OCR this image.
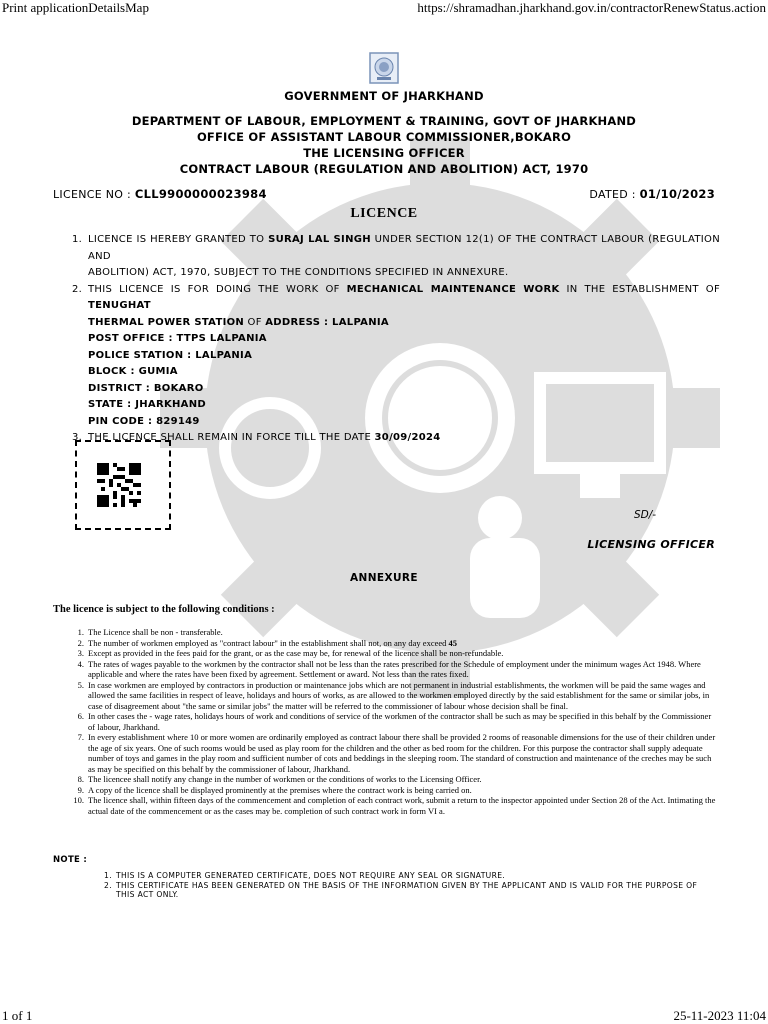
Print applicationDetailsMap	https://shramadhan.jharkhand.gov.in/contractorRenewStatus.action
GOVERNMENT OF JHARKHAND
DEPARTMENT OF LABOUR, EMPLOYMENT & TRAINING, GOVT OF JHARKHAND
OFFICE OF ASSISTANT LABOUR COMMISSIONER,BOKARO
THE LICENSING OFFICER
CONTRACT LABOUR (REGULATION AND ABOLITION) ACT, 1970
LICENCE NO : CLL9900000023984	DATED : 01/10/2023
LICENCE
1. LICENCE IS HEREBY GRANTED TO SURAJ LAL SINGH UNDER SECTION 12(1) OF THE CONTRACT LABOUR (REGULATION AND
ABOLITION) ACT, 1970, SUBJECT TO THE CONDITIONS SPECIFIED IN ANNEXURE.
2. THIS LICENCE IS FOR DOING THE WORK OF MECHANICAL MAINTENANCE WORK IN THE ESTABLISHMENT OF TENUGHAT
THERMAL POWER STATION OF ADDRESS : LALPANIA
POST OFFICE : TTPS LALPANIA
POLICE STATION : LALPANIA
BLOCK : GUMIA
DISTRICT : BOKARO
STATE : JHARKHAND
PIN CODE : 829149
3. THE LICENCE SHALL REMAIN IN FORCE TILL THE DATE 30/09/2024
SD/-
LICENSING OFFICER
ANNEXURE
The licence is subject to the following conditions :
1. The Licence shall be non - transferable.
2. The number of workmen employed as "contract labour" in the establishment shall not, on any day exceed 45
3. Except as provided in the fees paid for the grant, or as the case may be, for renewal of the licence shall be non-refundable.
4. The rates of wages payable to the workmen by the contractor shall not be less than the rates prescribed for the Schedule of employment under the minimum wages Act 1948. Where applicable and where the rates have been fixed by agreement. Settlement or award. Not less than the rates fixed.
5. In case workmen are employed by contractors in production or maintenance jobs which are not permanent in industrial establishments, the workmen will be paid the same wages and allowed the same facilities in respect of leave, holidays and hours of works, as are allowed to the workmen employed directly by the said establishment for the same or similar jobs, in case of disagreement about "the same or similar jobs" the matter will be referred to the commissioner of labour whose decision shall be final.
6. In other cases the - wage rates, holidays hours of work and conditions of service of the workmen of the contractor shall be such as may be specified in this behalf by the Commissioner of labour, Jharkhand.
7. In every establishment where 10 or more women are ordinarily employed as contract labour there shall be provided 2 rooms of reasonable dimensions for the use of their children under the age of six years. One of such rooms would be used as play room for the children and the other as bed room for the children. For this purpose the contractor shall supply adequate number of toys and games in the play room and sufficient number of cots and beddings in the sleeping room. The standard of construction and maintenance of the creches may be such as may be specified on this behalf by the commissioner of labour, Jharkhand.
8. The licencee shall notify any change in the number of workmen or the conditions of works to the Licensing Officer.
9. A copy of the licence shall be displayed prominently at the premises where the contract work is being carried on.
10. The licence shall, within fifteen days of the commencement and completion of each contract work, submit a return to the inspector appointed under Section 28 of the Act. Intimating the actual date of the commencement or as the cases may be. completion of such contract work in form VI a.
NOTE :
1. THIS IS A COMPUTER GENERATED CERTIFICATE, DOES NOT REQUIRE ANY SEAL OR SIGNATURE.
2. THIS CERTIFICATE HAS BEEN GENERATED ON THE BASIS OF THE INFORMATION GIVEN BY THE APPLICANT AND IS VALID FOR THE PURPOSE OF THIS ACT ONLY.
1 of 1	25-11-2023 11:04
